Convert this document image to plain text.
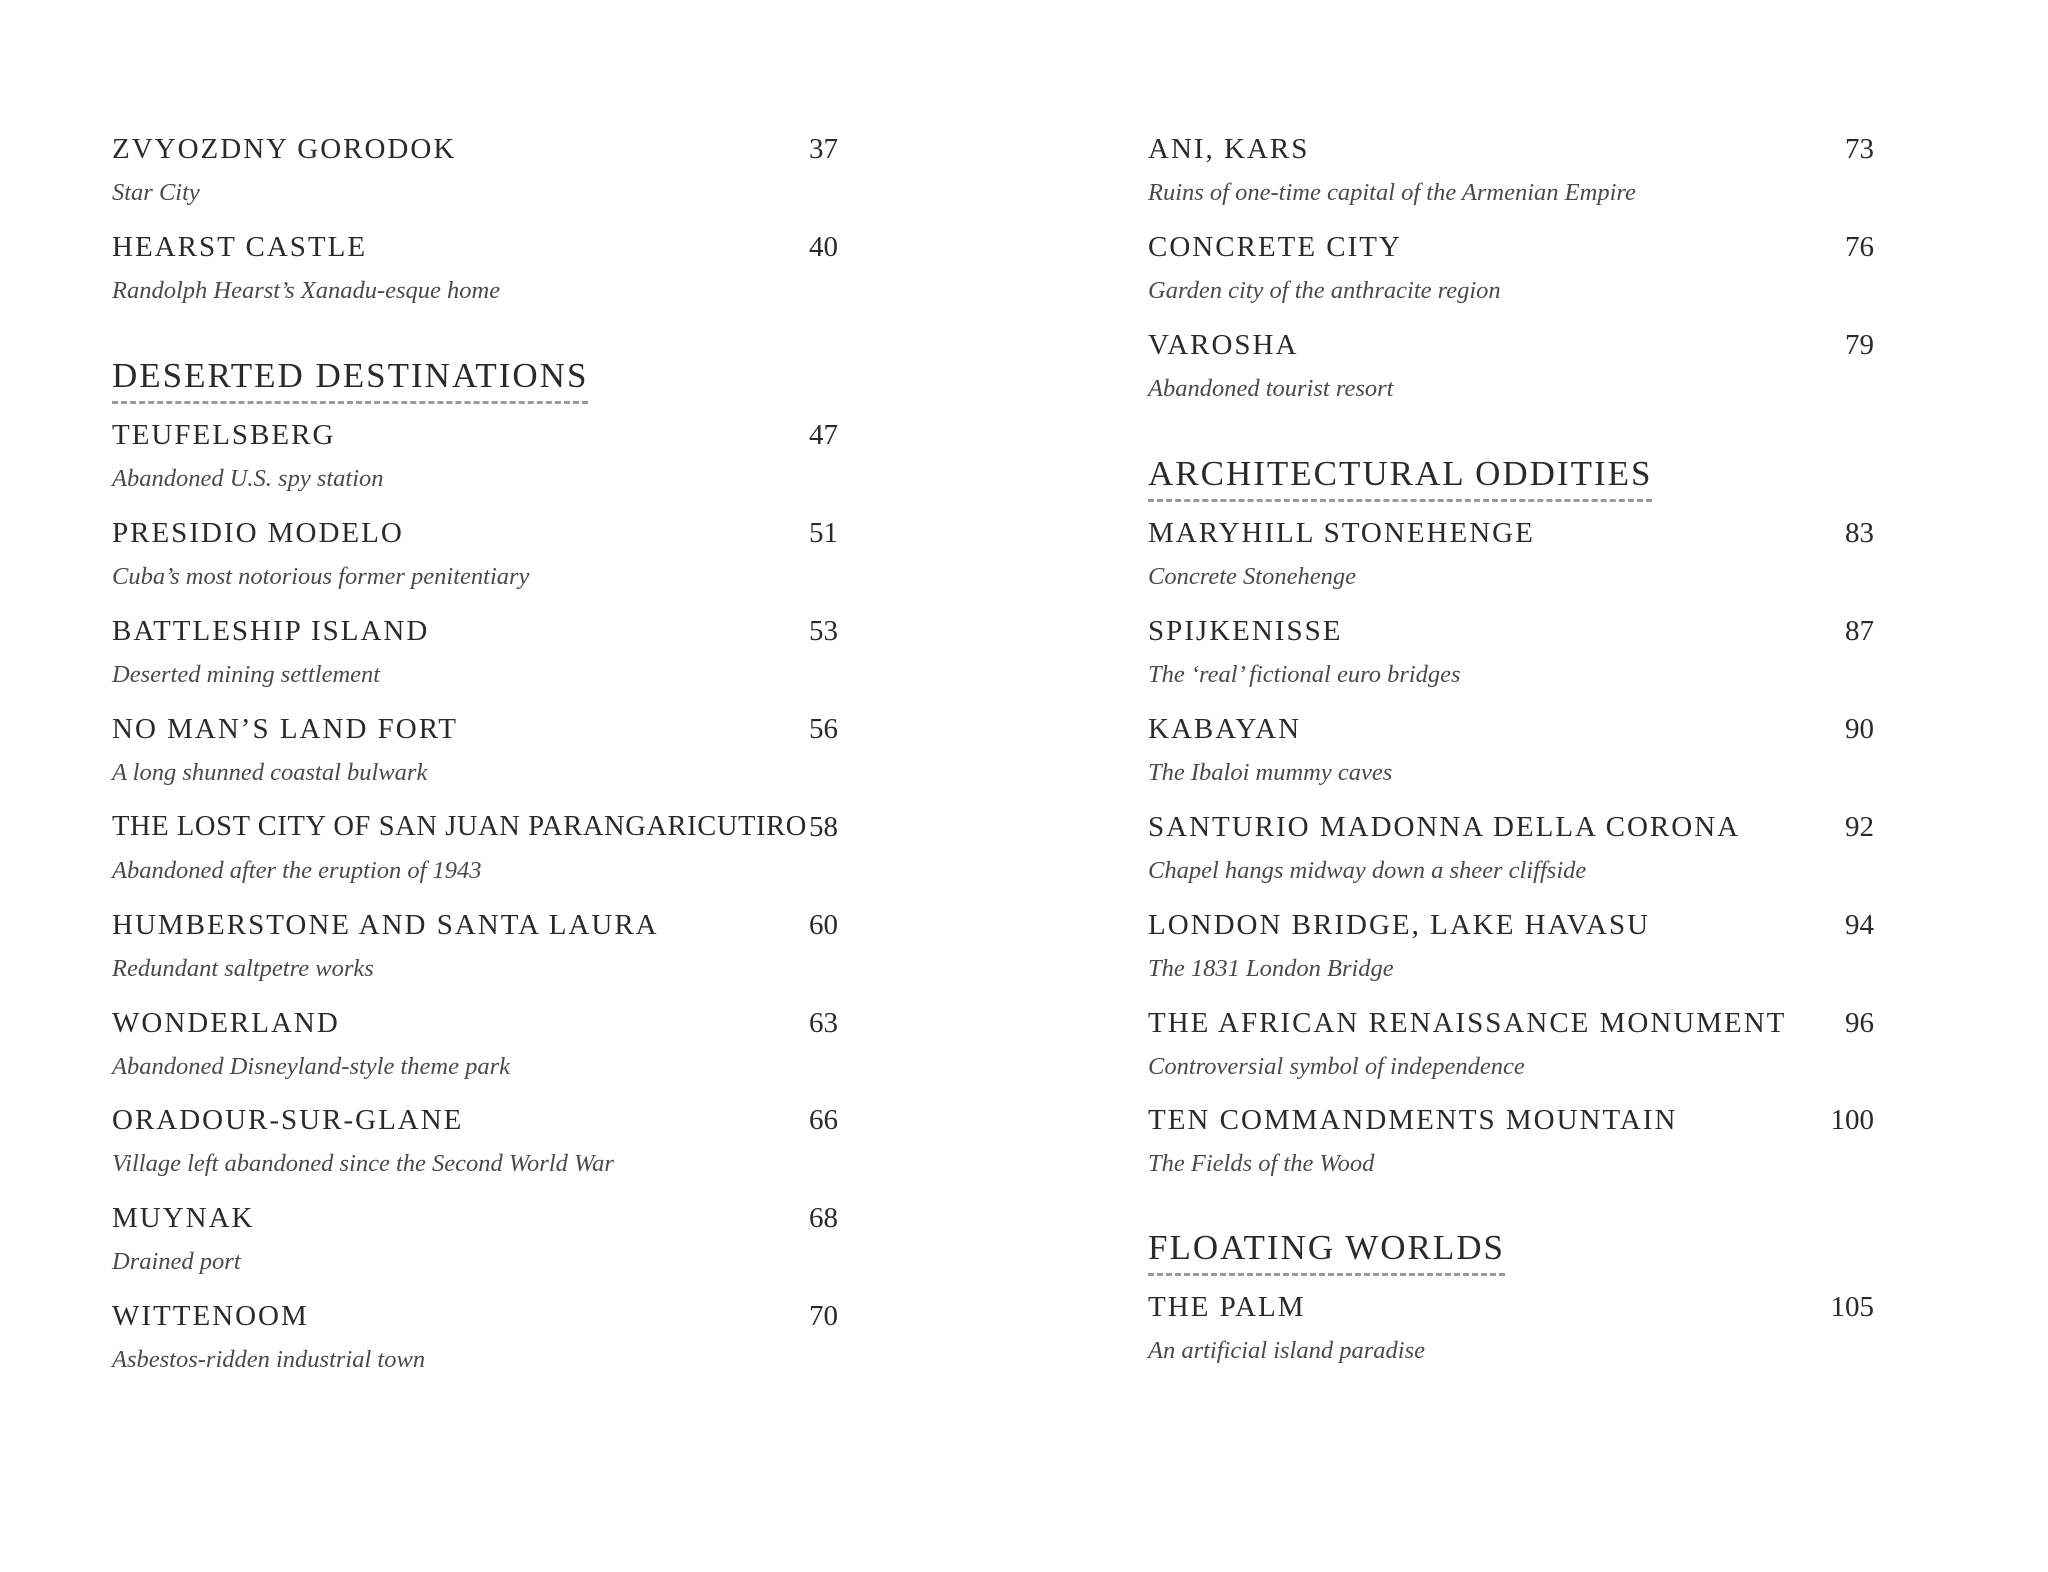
ZVYOZDNY GORODOK	37
Star City
HEARST CASTLE	40
Randolph Hearst’s Xanadu-esque home
DESERTED DESTINATIONS
TEUFELSBERG	47
Abandoned U.S. spy station
PRESIDIO MODELO	51
Cuba’s most notorious former penitentiary
BATTLESHIP ISLAND	53
Deserted mining settlement
NO MAN’S LAND FORT	56
A long shunned coastal bulwark
THE LOST CITY OF SAN JUAN PARANGARICUTIRO 58
Abandoned after the eruption of 1943
HUMBERSTONE AND SANTA LAURA	60
Redundant saltpetre works
WONDERLAND	63
Abandoned Disneyland-style theme park
ORADOUR-SUR-GLANE	66
Village left abandoned since the Second World War
MUYNAK	68
Drained port
WITTENOOM	70
Asbestos-ridden industrial town
ANI, KARS	73
Ruins of one-time capital of the Armenian Empire
CONCRETE CITY	76
Garden city of the anthracite region
VAROSHA	79
Abandoned tourist resort
ARCHITECTURAL ODDITIES
MARYHILL STONEHENGE	83
Concrete Stonehenge
SPIJKENISSE	87
The ‘real’ fictional euro bridges
KABAYAN	90
The Ibaloi mummy caves
SANTURIO MADONNA DELLA CORONA	92
Chapel hangs midway down a sheer cliffside
LONDON BRIDGE, LAKE HAVASU	94
The 1831 London Bridge
THE AFRICAN RENAISSANCE MONUMENT 96
Controversial symbol of independence
TEN COMMANDMENTS MOUNTAIN	100
The Fields of the Wood
FLOATING WORLDS
THE PALM	105
An artificial island paradise
